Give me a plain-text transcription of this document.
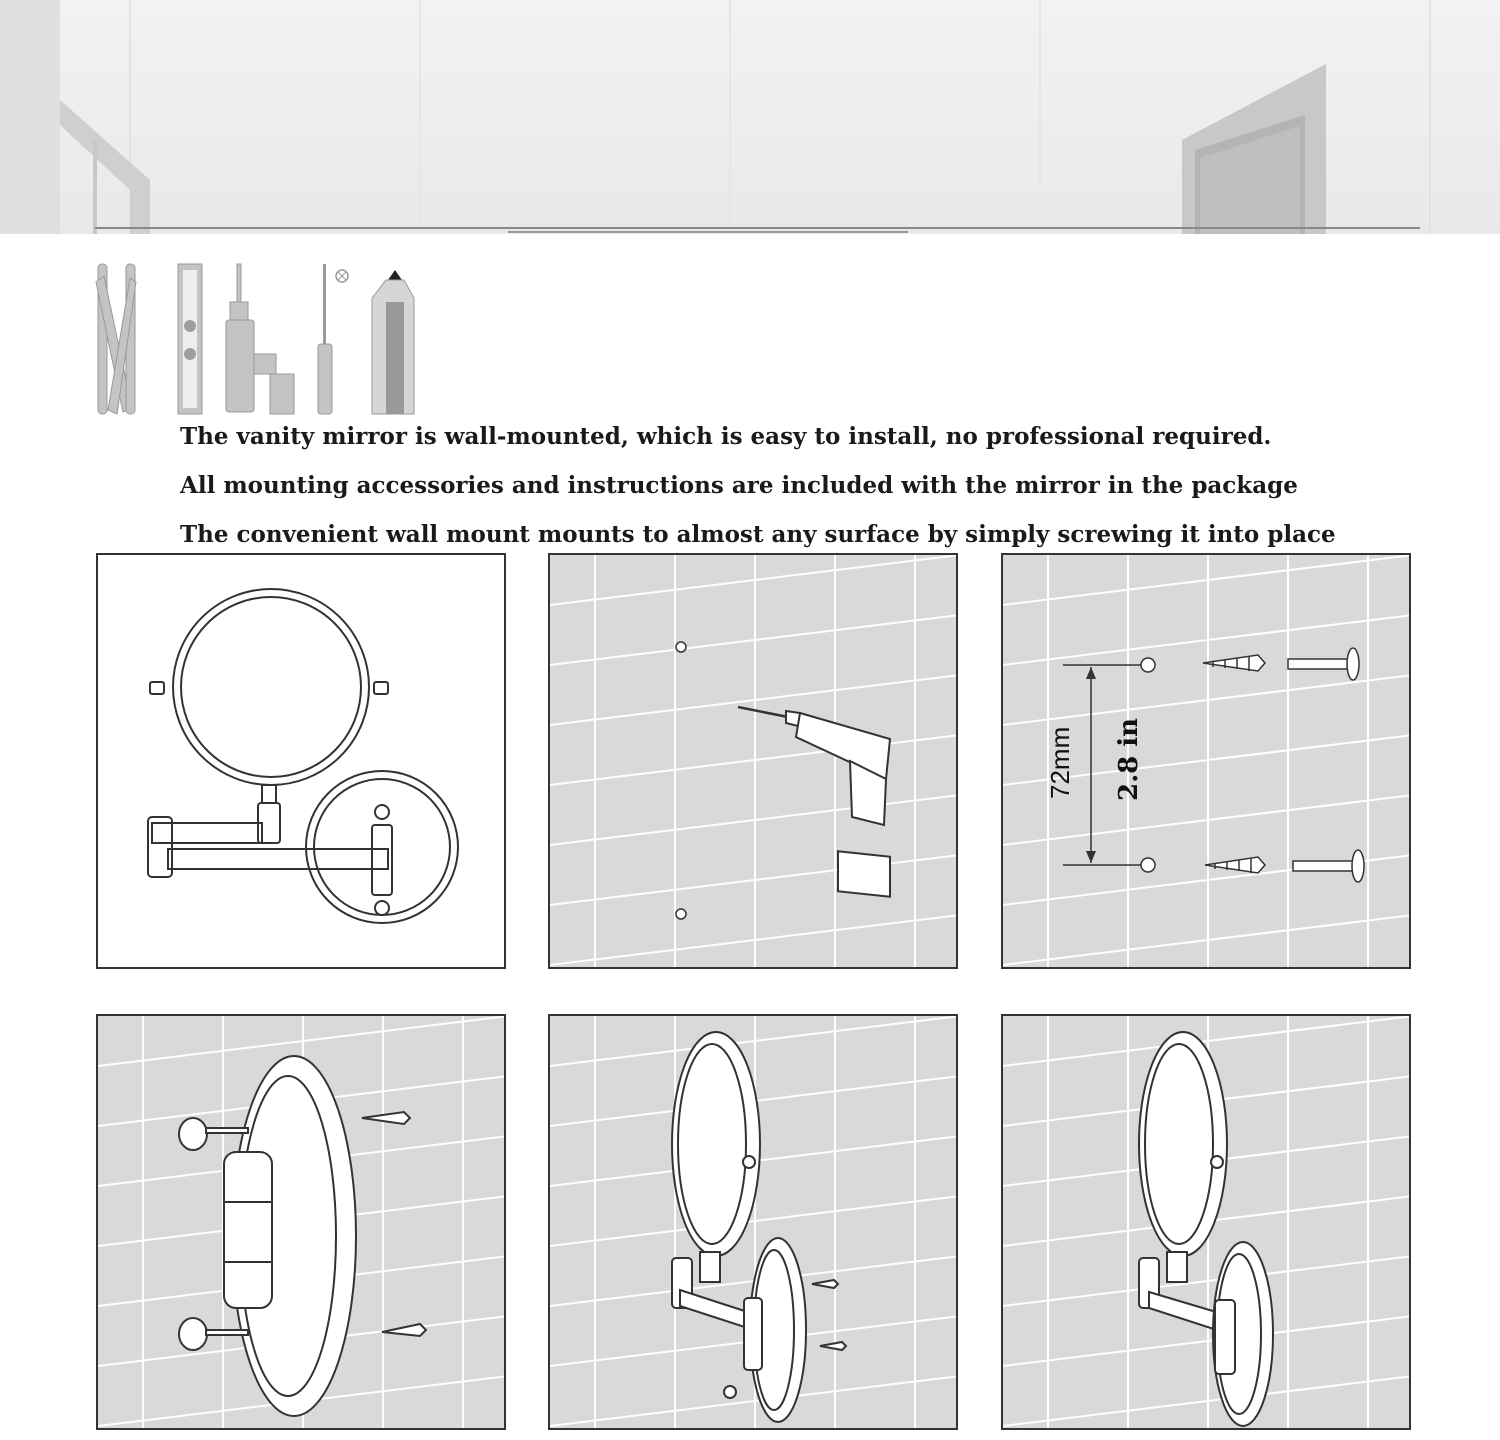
The vanity mirror is wall-mounted, which is easy to install, no professional required.

All mounting accessories and instructions are included with the mirror in the package

The convenient wall mount mounts to almost any surface by simply screwing it into place

72mm 2.8 in
